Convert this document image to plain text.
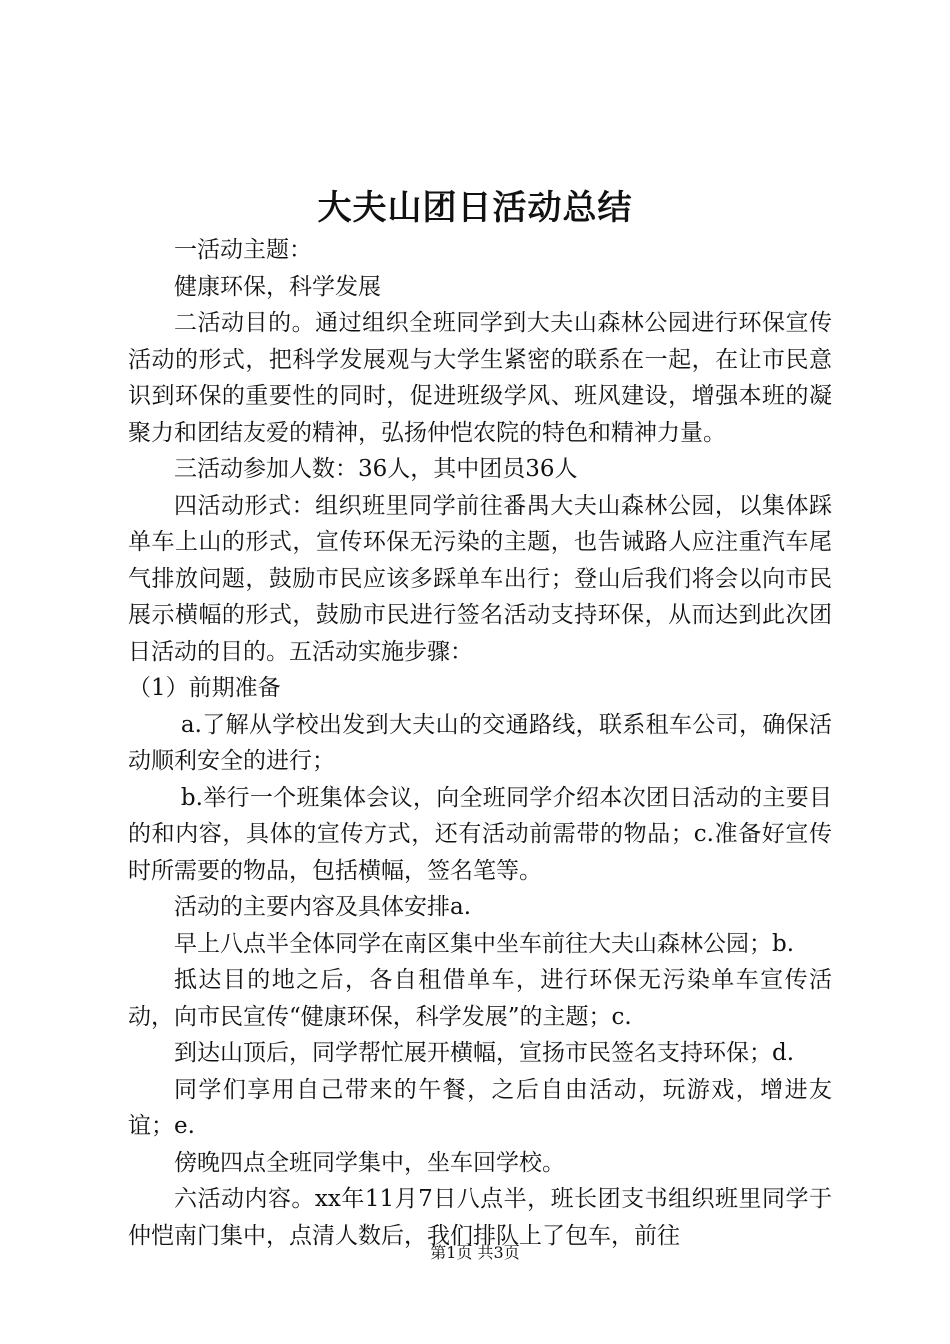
大夫山团日活动总结

一活动主题：

健康环保，科学发展

二活动目的。通过组织全班同学到大夫山森林公园进行环保宣传活动的形式，把科学发展观与大学生紧密的联系在一起，在让市民意识到环保的重要性的同时，促进班级学风、班风建设，增强本班的凝聚力和团结友爱的精神，弘扬仲恺农院的特色和精神力量。

三活动参加人数：36人，其中团员36人

四活动形式：组织班里同学前往番禺大夫山森林公园，以集体踩单车上山的形式，宣传环保无污染的主题，也告诫路人应注重汽车尾气排放问题，鼓励市民应该多踩单车出行；登山后我们将会以向市民展示横幅的形式，鼓励市民进行签名活动支持环保，从而达到此次团日活动的目的。五活动实施步骤：

（1）前期准备

a.了解从学校出发到大夫山的交通路线，联系租车公司，确保活动顺利安全的进行；

b.举行一个班集体会议，向全班同学介绍本次团日活动的主要目的和内容，具体的宣传方式，还有活动前需带的物品；c.准备好宣传时所需要的物品，包括横幅，签名笔等。

活动的主要内容及具体安排a.

早上八点半全体同学在南区集中坐车前往大夫山森林公园；b.

抵达目的地之后，各自租借单车，进行环保无污染单车宣传活动，向市民宣传“健康环保，科学发展”的主题；c.

到达山顶后，同学帮忙展开横幅，宣扬市民签名支持环保；d.

同学们享用自己带来的午餐，之后自由活动，玩游戏，增进友谊；e.

傍晚四点全班同学集中，坐车回学校。

六活动内容。xx年11月7日八点半，班长团支书组织班里同学于仲恺南门集中，点清人数后，我们排队上了包车，前往

第1页 共3页
